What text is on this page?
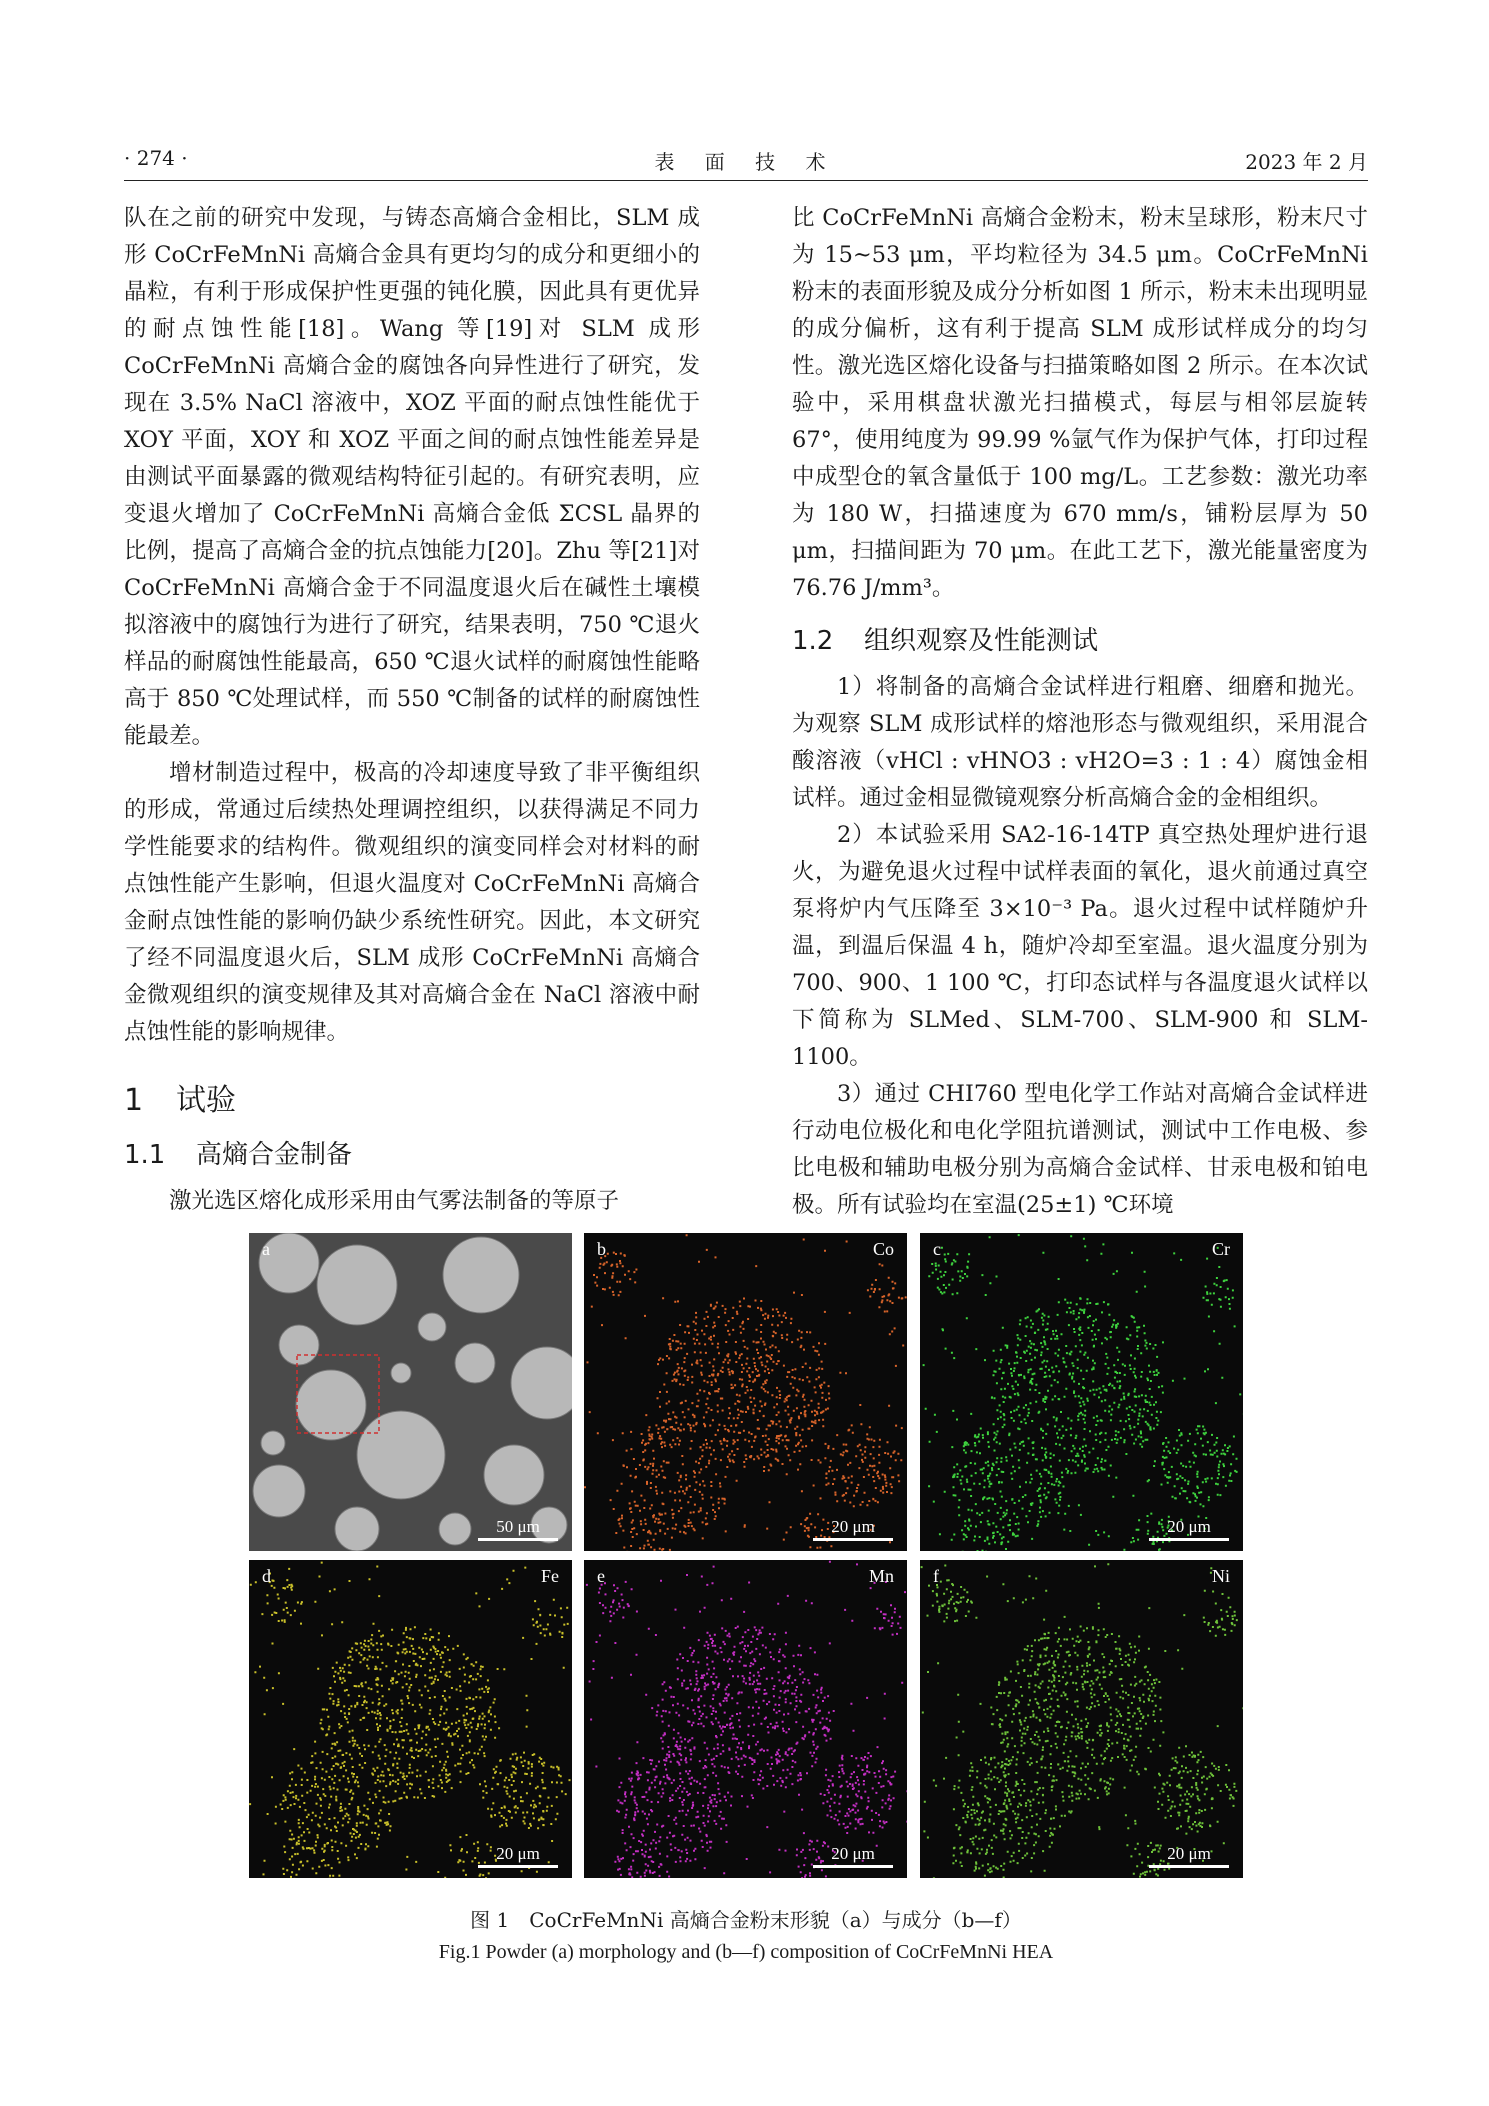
· 274 ·	表 面 技 术	2023 年 2 月

队在之前的研究中发现，与铸态高熵合金相比，SLM 成形 CoCrFeMnNi 高熵合金具有更均匀的成分和更细小的晶粒，有利于形成保护性更强的钝化膜，因此具有更优异的耐点蚀性能[18]。Wang 等[19]对 SLM 成形 CoCrFeMnNi 高熵合金的腐蚀各向异性进行了研究，发现在 3.5% NaCl 溶液中，XOZ 平面的耐点蚀性能优于 XOY 平面，XOY 和 XOZ 平面之间的耐点蚀性能差异是由测试平面暴露的微观结构特征引起的。有研究表明，应变退火增加了 CoCrFeMnNi 高熵合金低 ΣCSL 晶界的比例，提高了高熵合金的抗点蚀能力[20]。Zhu 等[21]对 CoCrFeMnNi 高熵合金于不同温度退火后在碱性土壤模拟溶液中的腐蚀行为进行了研究，结果表明，750 ℃退火样品的耐腐蚀性能最高，650 ℃退火试样的耐腐蚀性能略高于 850 ℃处理试样，而 550 ℃制备的试样的耐腐蚀性能最差。

增材制造过程中，极高的冷却速度导致了非平衡组织的形成，常通过后续热处理调控组织，以获得满足不同力学性能要求的结构件。微观组织的演变同样会对材料的耐点蚀性能产生影响，但退火温度对 CoCrFeMnNi 高熵合金耐点蚀性能的影响仍缺少系统性研究。因此，本文研究了经不同温度退火后，SLM 成形 CoCrFeMnNi 高熵合金微观组织的演变规律及其对高熵合金在 NaCl 溶液中耐点蚀性能的影响规律。

1 试验
1.1 高熵合金制备

激光选区熔化成形采用由气雾法制备的等原子

比 CoCrFeMnNi 高熵合金粉末，粉末呈球形，粉末尺寸为 15~53 μm，平均粒径为 34.5 μm。CoCrFeMnNi 粉末的表面形貌及成分分析如图 1 所示，粉末未出现明显的成分偏析，这有利于提高 SLM 成形试样成分的均匀性。激光选区熔化设备与扫描策略如图 2 所示。在本次试验中，采用棋盘状激光扫描模式，每层与相邻层旋转 67°，使用纯度为 99.99 %氩气作为保护气体，打印过程中成型仓的氧含量低于 100 mg/L。工艺参数：激光功率为 180 W，扫描速度为 670 mm/s，铺粉层厚为 50 μm，扫描间距为 70 μm。在此工艺下，激光能量密度为 76.76 J/mm³。

1.2 组织观察及性能测试

1）将制备的高熵合金试样进行粗磨、细磨和抛光。为观察 SLM 成形试样的熔池形态与微观组织，采用混合酸溶液（vHCl : vHNO3 : vH2O=3 : 1 : 4）腐蚀金相试样。通过金相显微镜观察分析高熵合金的金相组织。

2）本试验采用 SA2-16-14TP 真空热处理炉进行退火，为避免退火过程中试样表面的氧化，退火前通过真空泵将炉内气压降至 3×10⁻³ Pa。退火过程中试样随炉升温，到温后保温 4 h，随炉冷却至室温。退火温度分别为 700、900、1 100 ℃，打印态试样与各温度退火试样以下简称为 SLMed、SLM-700、SLM-900 和 SLM-1100。

3）通过 CHI760 型电化学工作站对高熵合金试样进行动电位极化和电化学阻抗谱测试，测试中工作电极、参比电极和辅助电极分别为高熵合金试样、甘汞电极和铂电极。所有试验均在室温(25±1) ℃环境

a
50 μm
b	Co
20 μm
c	Cr
20 μm
d	Fe
20 μm
e	Mn
20 μm
f	Ni
20 μm
图 1　CoCrFeMnNi 高熵合金粉末形貌（a）与成分（b—f）
Fig.1 Powder (a) morphology and (b—f) composition of CoCrFeMnNi HEA
